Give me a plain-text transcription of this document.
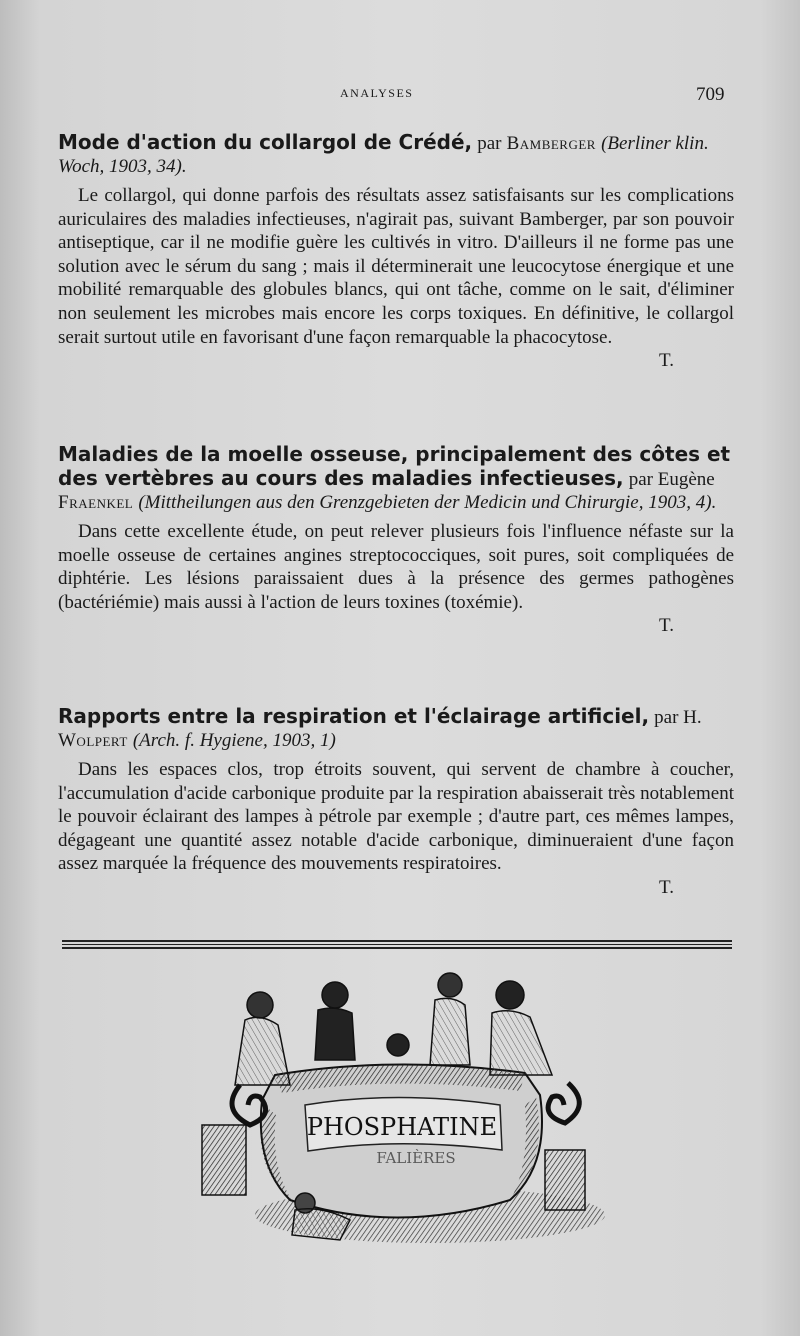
ANALYSES	709
Mode d'action du collargol de Crédé, par Bamberger (Berliner klin. Woch, 1903, 34).

Le collargol, qui donne parfois des résultats assez satisfaisants sur les complications auriculaires des maladies infectieuses, n'agirait pas, suivant Bamberger, par son pouvoir antiseptique, car il ne modifie guère les cultivés in vitro. D'ailleurs il ne forme pas une solution avec le sérum du sang ; mais il déterminerait une leucocytose énergique et une mobilité remarquable des globules blancs, qui ont tâche, comme on le sait, d'éliminer non seulement les microbes mais encore les corps toxiques. En définitive, le collargol serait surtout utile en favorisant d'une façon remarquable la phacocytose.

T.
Maladies de la moelle osseuse, principalement des côtes et des vertèbres au cours des maladies infectieuses, par Eugène Fraenkel (Mittheilungen aus den Grenzgebieten der Medicin und Chirurgie, 1903, 4).

Dans cette excellente étude, on peut relever plusieurs fois l'influence néfaste sur la moelle osseuse de certaines angines streptococciques, soit pures, soit compliquées de diphtérie. Les lésions paraissaient dues à la présence des germes pathogènes (bactériémie) mais aussi à l'action de leurs toxines (toxémie).

T.
Rapports entre la respiration et l'éclairage artificiel, par H. Wolpert (Arch. f. Hygiene, 1903, 1)

Dans les espaces clos, trop étroits souvent, qui servent de chambre à coucher, l'accumulation d'acide carbonique produite par la respiration abaisserait très notablement le pouvoir éclairant des lampes à pétrole par exemple ; d'autre part, ces mêmes lampes, dégageant une quantité assez notable d'acide carbonique, diminueraient d'une façon assez marquée la fréquence des mouvements respiratoires.

T.
PHOSPHATINE
FALIÈRES
